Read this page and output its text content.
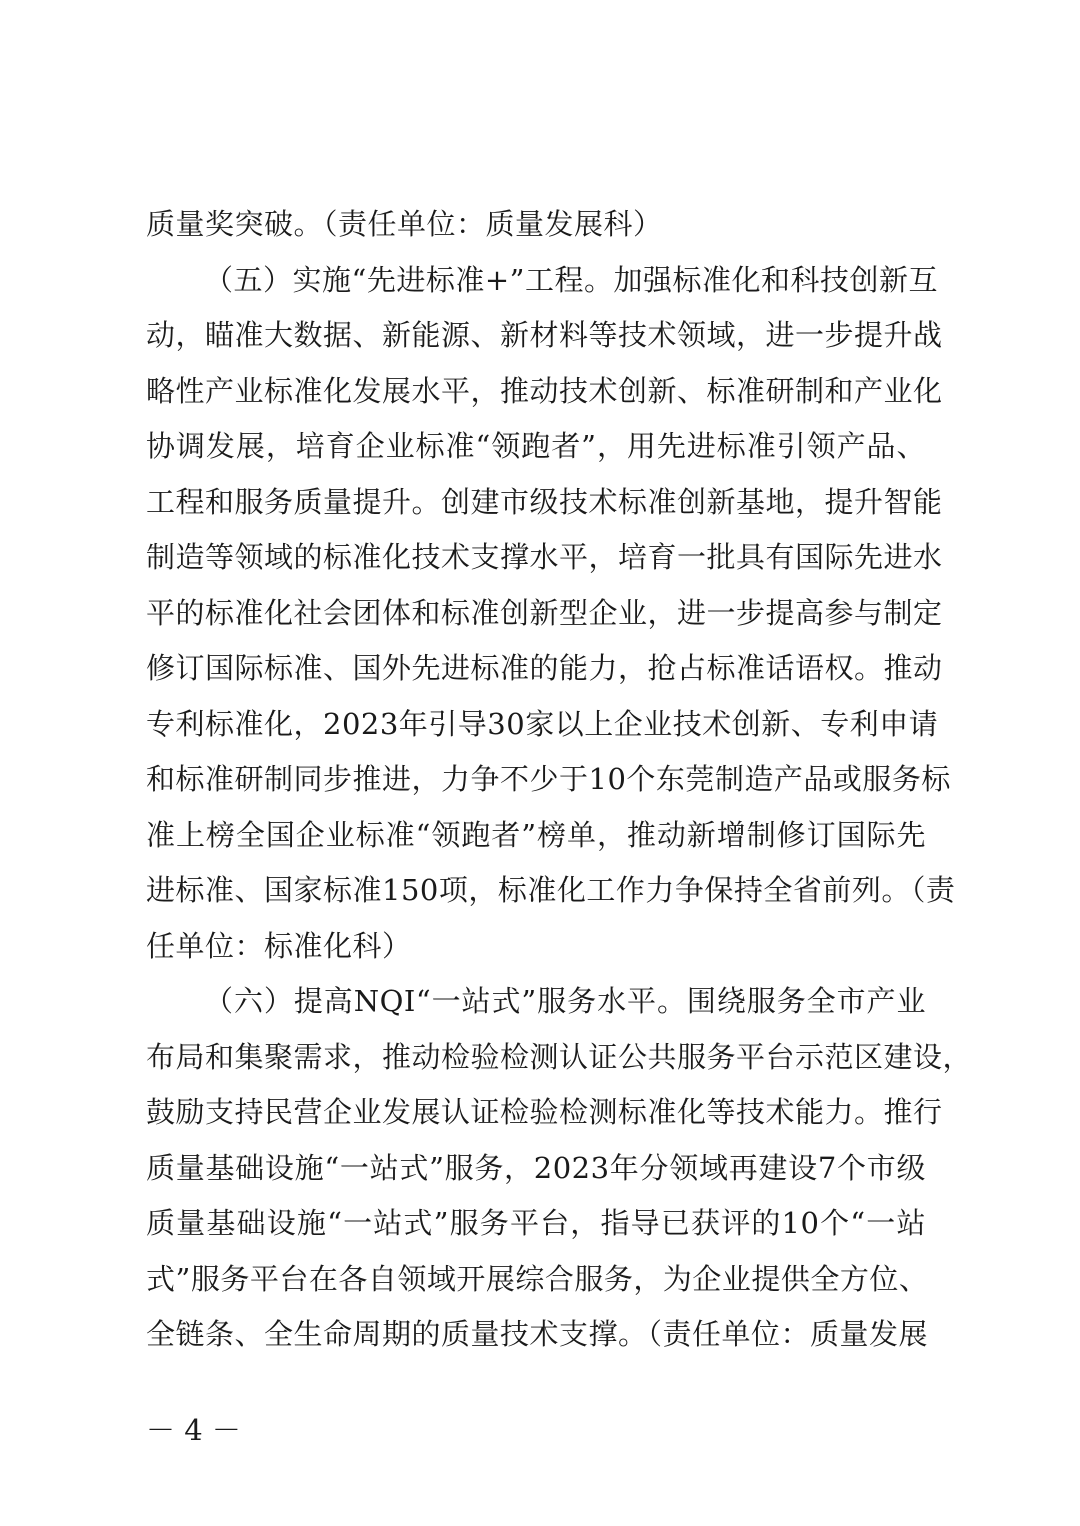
质量奖突破。（责任单位：质量发展科）
（五）实施“先进标准+”工程。加强标准化和科技创新互
动，瞄准大数据、新能源、新材料等技术领域，进一步提升战
略性产业标准化发展水平，推动技术创新、标准研制和产业化
协调发展，培育企业标准“领跑者”，用先进标准引领产品、
工程和服务质量提升。创建市级技术标准创新基地，提升智能
制造等领域的标准化技术支撑水平，培育一批具有国际先进水
平的标准化社会团体和标准创新型企业，进一步提高参与制定
修订国际标准、国外先进标准的能力，抢占标准话语权。推动
专利标准化，2023年引导30家以上企业技术创新、专利申请
和标准研制同步推进，力争不少于10个东莞制造产品或服务标
准上榜全国企业标准“领跑者”榜单，推动新增制修订国际先
进标准、国家标准150项，标准化工作力争保持全省前列。（责
任单位：标准化科）
（六）提高NQI“一站式”服务水平。围绕服务全市产业
布局和集聚需求，推动检验检测认证公共服务平台示范区建设，
鼓励支持民营企业发展认证检验检测标准化等技术能力。推行
质量基础设施“一站式”服务，2023年分领域再建设7个市级
质量基础设施“一站式”服务平台，指导已获评的10个“一站
式”服务平台在各自领域开展综合服务，为企业提供全方位、
全链条、全生命周期的质量技术支撑。（责任单位：质量发展
－ 4 －
